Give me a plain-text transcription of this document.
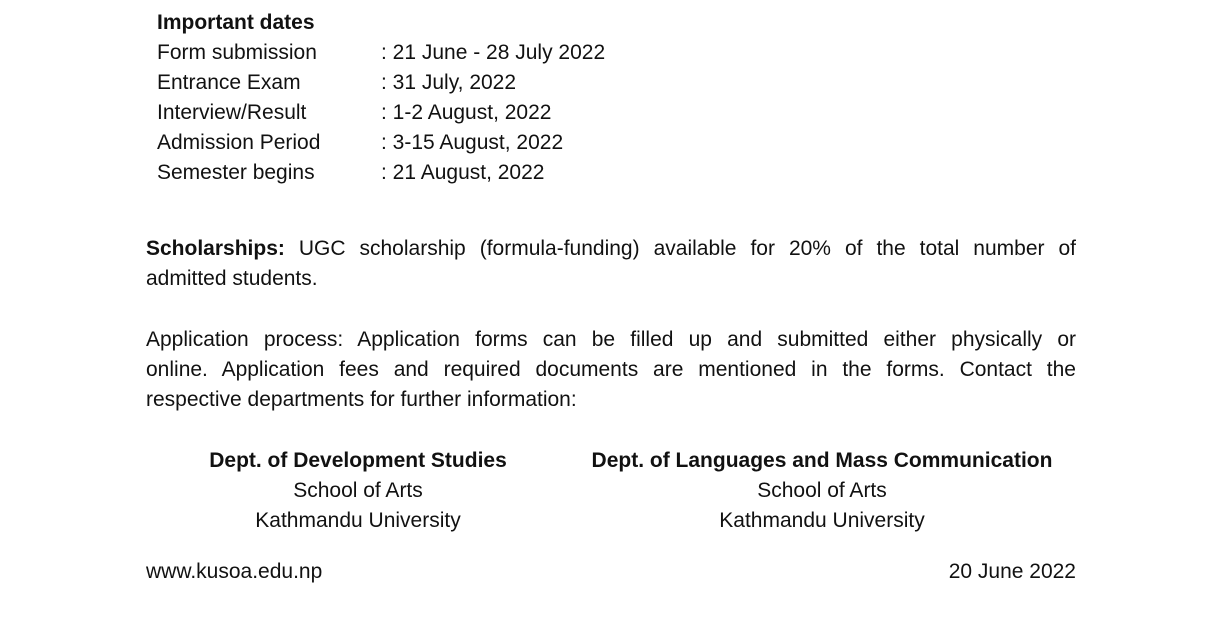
Important dates
Form submission	: 21 June - 28 July 2022
Entrance Exam	: 31 July, 2022
Interview/Result	: 1-2 August, 2022
Admission Period	: 3-15 August, 2022
Semester begins	: 21 August, 2022
Scholarships: UGC scholarship (formula-funding) available for 20% of the total number of
admitted students.
Application process: Application forms can be filled up and submitted either physically or
online. Application fees and required documents are mentioned in the forms. Contact the
respective departments for further information:
Dept. of Development Studies
School of Arts
Kathmandu University
Dept. of Languages and Mass Communication
School of Arts
Kathmandu University
www.kusoa.edu.np	20 June 2022
